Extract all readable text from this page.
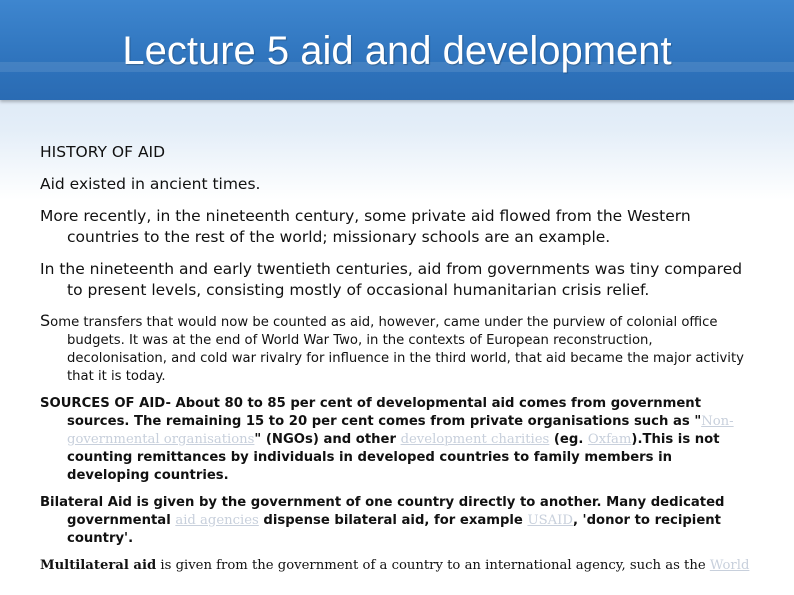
Lecture 5 aid and development

HISTORY OF AID

Aid existed in ancient times.

More recently, in the nineteenth century, some private aid flowed from the Western countries to the rest of the world; missionary schools are an example.

In the nineteenth and early twentieth centuries, aid from governments was tiny compared to present levels, consisting mostly of occasional humanitarian crisis relief.

Some transfers that would now be counted as aid, however, came under the purview of colonial office budgets. It was at the end of World War Two, in the contexts of European reconstruction, decolonisation, and cold war rivalry for influence in the third world, that aid became the major activity that it is today.

SOURCES OF AID- About 80 to 85 per cent of developmental aid comes from government sources. The remaining 15 to 20 per cent comes from private organisations such as "Non-governmental organisations" (NGOs) and other development charities (eg. Oxfam).This is not counting remittances by individuals in developed countries to family members in developing countries.

Bilateral Aid is given by the government of one country directly to another. Many dedicated governmental aid agencies dispense bilateral aid, for example USAID, 'donor to recipient country'.

Multilateral aid is given from the government of a country to an international agency, such as the World
